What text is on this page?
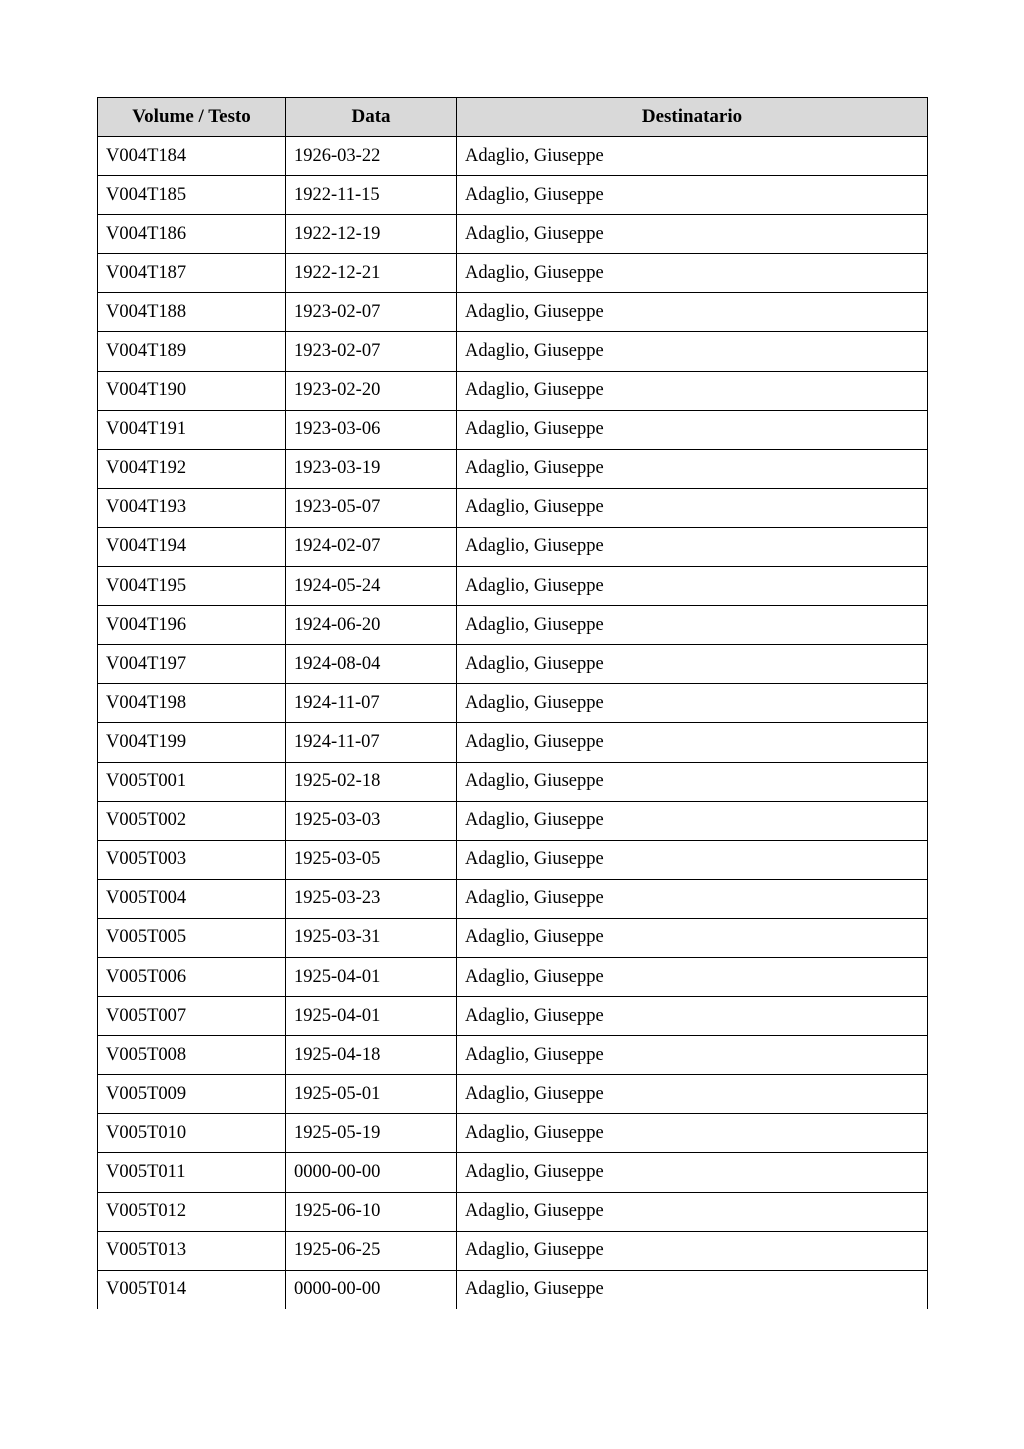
Volume / Testo	Data	Destinatario
V004T184	1926-03-22	Adaglio, Giuseppe
V004T185	1922-11-15	Adaglio, Giuseppe
V004T186	1922-12-19	Adaglio, Giuseppe
V004T187	1922-12-21	Adaglio, Giuseppe
V004T188	1923-02-07	Adaglio, Giuseppe
V004T189	1923-02-07	Adaglio, Giuseppe
V004T190	1923-02-20	Adaglio, Giuseppe
V004T191	1923-03-06	Adaglio, Giuseppe
V004T192	1923-03-19	Adaglio, Giuseppe
V004T193	1923-05-07	Adaglio, Giuseppe
V004T194	1924-02-07	Adaglio, Giuseppe
V004T195	1924-05-24	Adaglio, Giuseppe
V004T196	1924-06-20	Adaglio, Giuseppe
V004T197	1924-08-04	Adaglio, Giuseppe
V004T198	1924-11-07	Adaglio, Giuseppe
V004T199	1924-11-07	Adaglio, Giuseppe
V005T001	1925-02-18	Adaglio, Giuseppe
V005T002	1925-03-03	Adaglio, Giuseppe
V005T003	1925-03-05	Adaglio, Giuseppe
V005T004	1925-03-23	Adaglio, Giuseppe
V005T005	1925-03-31	Adaglio, Giuseppe
V005T006	1925-04-01	Adaglio, Giuseppe
V005T007	1925-04-01	Adaglio, Giuseppe
V005T008	1925-04-18	Adaglio, Giuseppe
V005T009	1925-05-01	Adaglio, Giuseppe
V005T010	1925-05-19	Adaglio, Giuseppe
V005T011	0000-00-00	Adaglio, Giuseppe
V005T012	1925-06-10	Adaglio, Giuseppe
V005T013	1925-06-25	Adaglio, Giuseppe
V005T014	0000-00-00	Adaglio, Giuseppe
